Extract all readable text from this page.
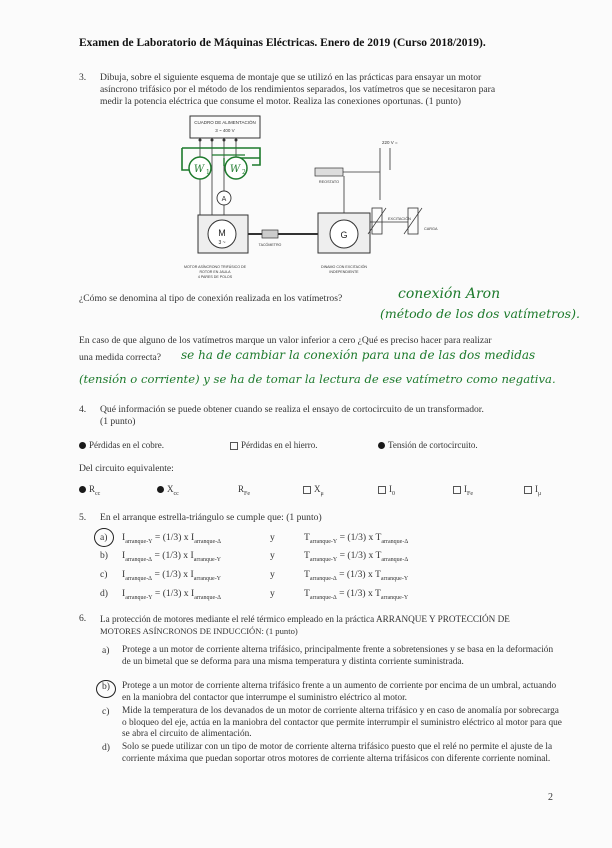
Examen de Laboratorio de Máquinas Eléctricas. Enero de 2019 (Curso 2018/2019).
3. Dibuja, sobre el siguiente esquema de montaje que se utilizó en las prácticas para ensayar un motor
asíncrono trifásico por el método de los rendimientos separados, los vatímetros que se necesitaron para
medir la potencia eléctrica que consume el motor. Realiza las conexiones oportunas. (1 punto)
CUADRO DE ALIMENTACIÓN
3 ~ 400 V
W 1 W 2
A
M
3 ~	TACÓMETRO
G
220 V =
REOSTATO
EXCITACIÓN
CARGA
MOTOR ASÍNCRONO TRIFÁSICO DE
ROTOR EN JAULA
4 PARES DE POLOS
DINAMO CON EXCITACIÓN
INDEPENDIENTE
¿Cómo se denomina al tipo de conexión realizada en los vatímetros?	conexión Aron
(método de los dos vatímetros).
En caso de que alguno de los vatímetros marque un valor inferior a cero ¿Qué es preciso hacer para realizar
una medida correcta? se ha de cambiar la conexión para una de las dos medidas
(tensión o corriente) y se ha de tomar la lectura de ese vatímetro como negativa.
4. Qué información se puede obtener cuando se realiza el ensayo de cortocircuito de un transformador.
(1 punto)
Pérdidas en el cobre.	Pérdidas en el hierro.	Tensión de cortocircuito.
Del circuito equivalente:
$R_{cc}$	$X_{cc}$	$R_{Fe}$	$X_\mu$	$I_0$	$I_{Fe}$	$I_\mu$
5. En el arranque estrella-triángulo se cumple que: (1 punto)
a) $I_{arranque-Y} = (1/3)$ x $I_{arranque-\Delta}$	y	$T_{arranque-Y} = (1/3)$ x $T_{arranque-\Delta}$
b) $I_{arranque-\Delta} = (1/3)$ x $I_{arranque-Y}$	y	$T_{arranque-Y} = (1/3)$ x $T_{arranque-\Delta}$
c) $I_{arranque-\Delta} = (1/3)$ x $I_{arranque-Y}$	y	$T_{arranque-\Delta} = (1/3)$ x $T_{arranque-Y}$
d) $I_{arranque-Y} = (1/3)$ x $I_{arranque-\Delta}$	y	$T_{arranque-\Delta} = (1/3)$ x $T_{arranque-Y}$
6. La protección de motores mediante el relé térmico empleado en la práctica ARRANQUE Y PROTECCIÓN DE
MOTORES ASÍNCRONOS DE INDUCCIÓN: (1 punto)
a) Protege a un motor de corriente alterna trifásico, principalmente frente a sobretensiones y se basa en la deformación de un bimetal que se deforma para una misma temperatura y distinta corriente suministrada.
b) Protege a un motor de corriente alterna trifásico frente a un aumento de corriente por encima de un umbral, actuando en la maniobra del contactor que interrumpe el suministro eléctrico al motor.
c) Mide la temperatura de los devanados de un motor de corriente alterna trifásico y en caso de anomalía por sobrecarga o bloqueo del eje, actúa en la maniobra del contactor que permite interrumpir el suministro eléctrico al motor para que se abra el circuito de alimentación.
d) Solo se puede utilizar con un tipo de motor de corriente alterna trifásico puesto que el relé no permite el ajuste de la corriente máxima que puedan soportar otros motores de corriente alterna trifásicos con diferente corriente nominal.
2
